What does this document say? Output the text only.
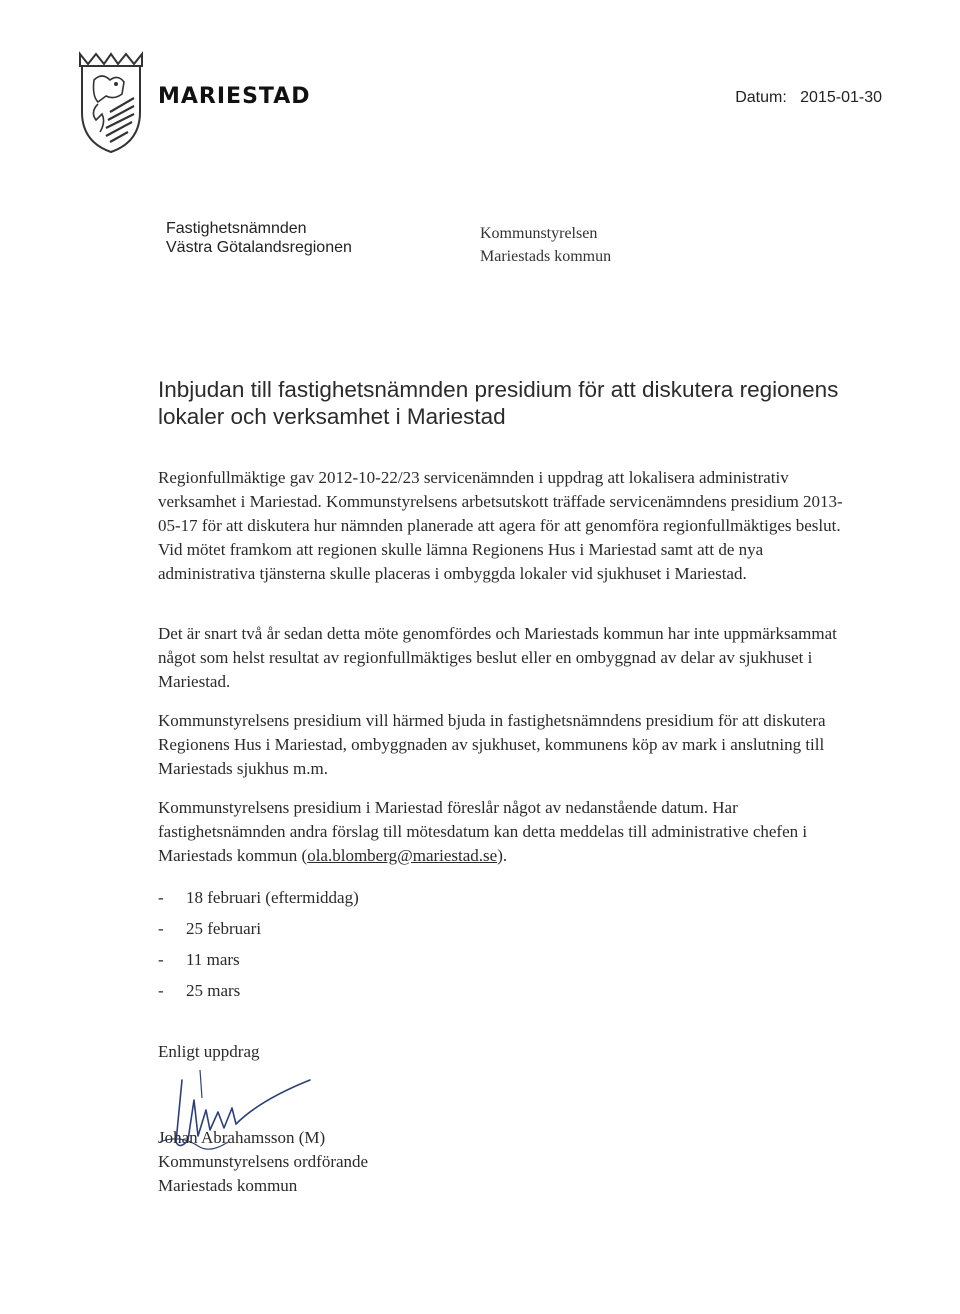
MARIESTAD	Datum: 2015-01-30
Fastighetsnämnden
Västra Götalandsregionen
Kommunstyrelsen
Mariestads kommun
Inbjudan till fastighetsnämnden presidium för att diskutera regionens lokaler och verksamhet i Mariestad

Regionfullmäktige gav 2012-10-22/23 servicenämnden i uppdrag att lokalisera administrativ verksamhet i Mariestad. Kommunstyrelsens arbetsutskott träffade servicenämndens presidium 2013-05-17 för att diskutera hur nämnden planerade att agera för att genomföra regionfullmäktiges beslut. Vid mötet framkom att regionen skulle lämna Regionens Hus i Mariestad samt att de nya administrativa tjänsterna skulle placeras i ombyggda lokaler vid sjukhuset i Mariestad.

Det är snart två år sedan detta möte genomfördes och Mariestads kommun har inte uppmärksammat något som helst resultat av regionfullmäktiges beslut eller en ombyggnad av delar av sjukhuset i Mariestad.

Kommunstyrelsens presidium vill härmed bjuda in fastighetsnämndens presidium för att diskutera Regionens Hus i Mariestad, ombyggnaden av sjukhuset, kommunens köp av mark i anslutning till Mariestads sjukhus m.m.

Kommunstyrelsens presidium i Mariestad föreslår något av nedanstående datum. Har fastighetsnämnden andra förslag till mötesdatum kan detta meddelas till administrative chefen i Mariestads kommun (ola.blomberg@mariestad.se).

- 18 februari (eftermiddag)
- 25 februari
- 11 mars
- 25 mars
Enligt uppdrag
Johan Abrahamsson (M)
Kommunstyrelsens ordförande
Mariestads kommun
